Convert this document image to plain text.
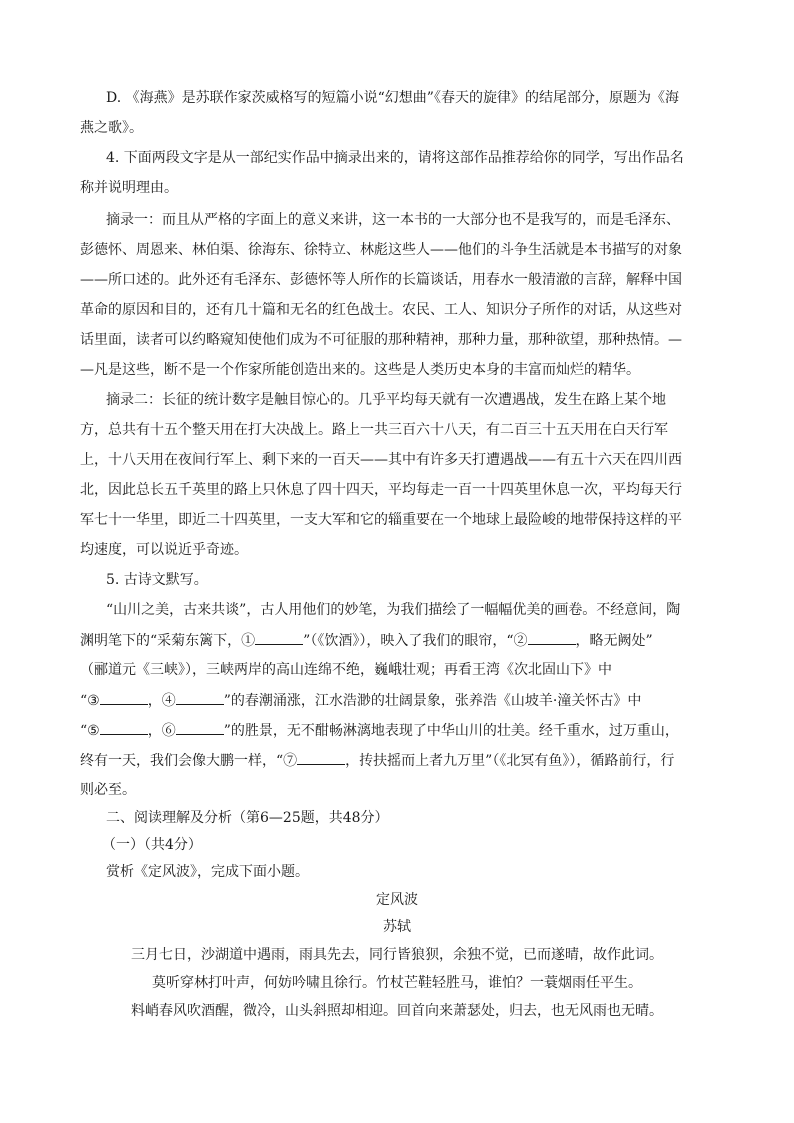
D. 《海燕》是苏联作家茨威格写的短篇小说“幻想曲”《春天的旋律》的结尾部分，原题为《海
燕之歌》。
4. 下面两段文字是从一部纪实作品中摘录出来的，请将这部作品推荐给你的同学，写出作品名
称并说明理由。
摘录一：而且从严格的字面上的意义来讲，这一本书的一大部分也不是我写的，而是毛泽东、
彭德怀、周恩来、林伯渠、徐海东、徐特立、林彪这些人——他们的斗争生活就是本书描写的对象
——所口述的。此外还有毛泽东、彭德怀等人所作的长篇谈话，用春水一般清澈的言辞，解释中国
革命的原因和目的，还有几十篇和无名的红色战士。农民、工人、知识分子所作的对话，从这些对
话里面，读者可以约略窥知使他们成为不可征服的那种精神，那种力量，那种欲望，那种热情。—
—凡是这些，断不是一个作家所能创造出来的。这些是人类历史本身的丰富而灿烂的精华。
摘录二：长征的统计数字是触目惊心的。几乎平均每天就有一次遭遇战，发生在路上某个地
方，总共有十五个整天用在打大决战上。路上一共三百六十八天，有二百三十五天用在白天行军
上，十八天用在夜间行军上、剩下来的一百天——其中有许多天打遭遇战——有五十六天在四川西
北，因此总长五千英里的路上只休息了四十四天，平均每走一百一十四英里休息一次，平均每天行
军七十一华里，即近二十四英里，一支大军和它的辎重要在一个地球上最险峻的地带保持这样的平
均速度，可以说近乎奇迹。
5. 古诗文默写。
“山川之美，古来共谈”，古人用他们的妙笔，为我们描绘了一幅幅优美的画卷。不经意间，陶
渊明笔下的“采菊东篱下，①	”（《饮酒》），映入了我们的眼帘，“②	，略无阙处”
（郦道元《三峡》），三峡两岸的高山连绵不绝，巍峨壮观；再看王湾《次北固山下》中
“③	，④	”的春潮涌涨，江水浩渺的壮阔景象，张养浩《山坡羊·潼关怀古》中
“⑤	，⑥	”的胜景，无不酣畅淋漓地表现了中华山川的壮美。经千重水，过万重山，
终有一天，我们会像大鹏一样，“⑦	，抟扶摇而上者九万里”（《北冥有鱼》），循路前行，行
则必至。
二、阅读理解及分析（第6—25题，共48分）
（一）（共4分）
赏析《定风波》，完成下面小题。
定风波
苏轼
三月七日，沙湖道中遇雨，雨具先去，同行皆狼狈，余独不觉，已而遂晴，故作此词。
莫听穿林打叶声，何妨吟啸且徐行。竹杖芒鞋轻胜马，谁怕？一蓑烟雨任平生。
料峭春风吹酒醒，微冷，山头斜照却相迎。回首向来萧瑟处，归去，也无风雨也无晴。
